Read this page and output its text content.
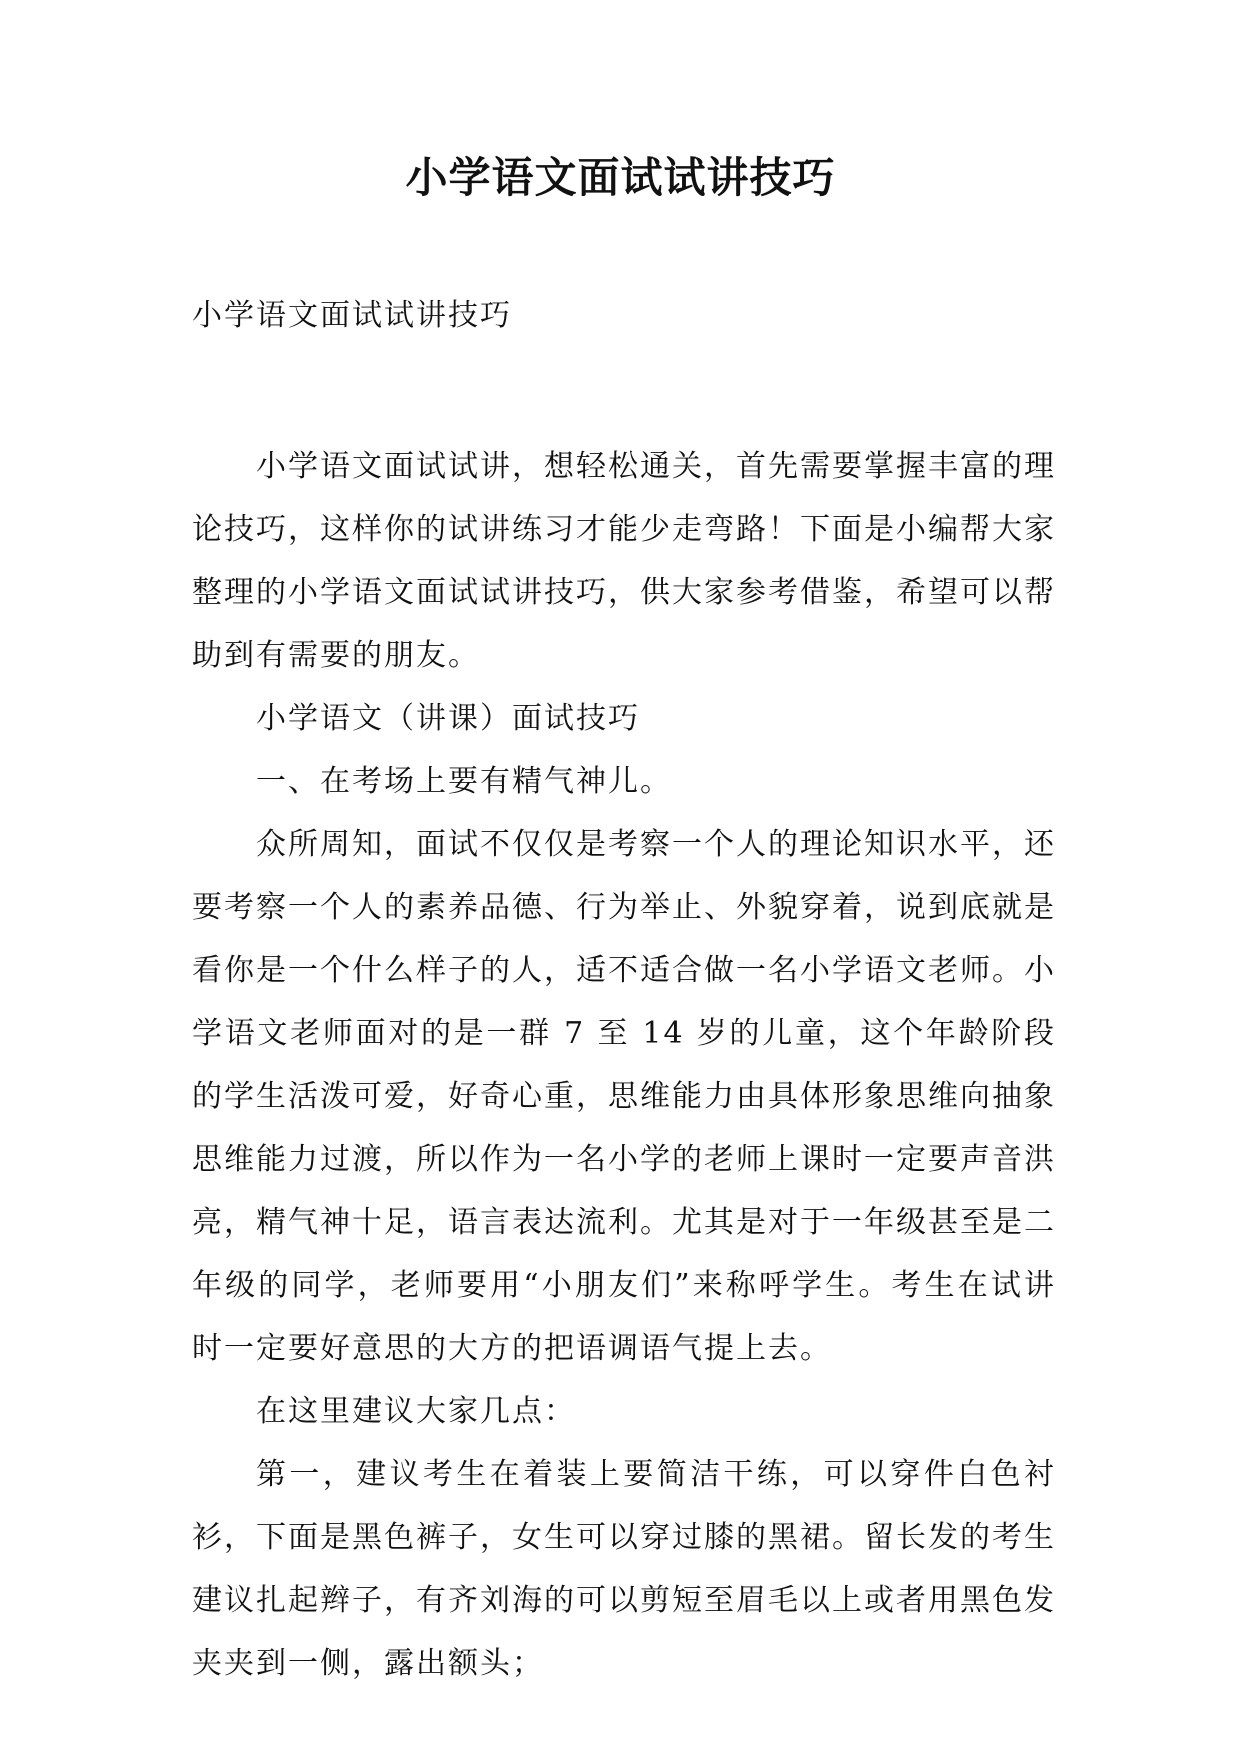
小学语文面试试讲技巧

小学语文面试试讲技巧

小学语文面试试讲，想轻松通关，首先需要掌握丰富的理论技巧，这样你的试讲练习才能少走弯路！下面是小编帮大家整理的小学语文面试试讲技巧，供大家参考借鉴，希望可以帮助到有需要的朋友。

小学语文（讲课）面试技巧

一、在考场上要有精气神儿。

众所周知，面试不仅仅是考察一个人的理论知识水平，还要考察一个人的素养品德、行为举止、外貌穿着，说到底就是看你是一个什么样子的人，适不适合做一名小学语文老师。小学语文老师面对的是一群 7 至 14 岁的儿童，这个年龄阶段的学生活泼可爱，好奇心重，思维能力由具体形象思维向抽象思维能力过渡，所以作为一名小学的老师上课时一定要声音洪亮，精气神十足，语言表达流利。尤其是对于一年级甚至是二年级的同学，老师要用“小朋友们”来称呼学生。考生在试讲时一定要好意思的大方的把语调语气提上去。

在这里建议大家几点：

第一，建议考生在着装上要简洁干练，可以穿件白色衬衫，下面是黑色裤子，女生可以穿过膝的黑裙。留长发的考生建议扎起辫子，有齐刘海的可以剪短至眉毛以上或者用黑色发夹夹到一侧，露出额头；
